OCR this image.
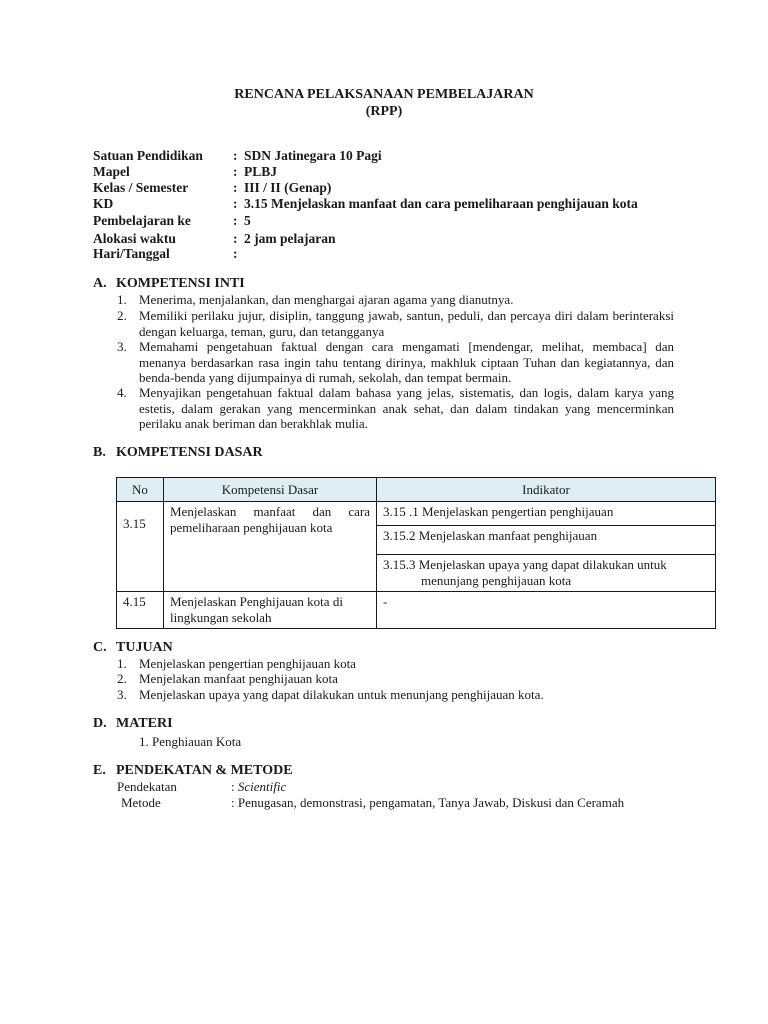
RENCANA PELAKSANAAN PEMBELAJARAN
(RPP)
Satuan Pendidikan : SDN Jatinegara 10 Pagi
Mapel	: PLBJ
Kelas / Semester	: III / II (Genap)
KD	: 3.15 Menjelaskan manfaat dan cara pemeliharaan penghijauan kota
Pembelajaran ke	: 5
Alokasi waktu	: 2 jam pelajaran
Hari/Tanggal	:
A. KOMPETENSI INTI
1. Menerima, menjalankan, dan menghargai ajaran agama yang dianutnya.
2. Memiliki perilaku jujur, disiplin, tanggung jawab, santun, peduli, dan percaya diri dalam berinteraksi dengan keluarga, teman, guru, dan tetangganya
3. Memahami pengetahuan faktual dengan cara mengamati [mendengar, melihat, membaca] dan menanya berdasarkan rasa ingin tahu tentang dirinya, makhluk ciptaan Tuhan dan kegiatannya, dan benda-benda yang dijumpainya di rumah, sekolah, dan tempat bermain.
4. Menyajikan pengetahuan faktual dalam bahasa yang jelas, sistematis, dan logis, dalam karya yang estetis, dalam gerakan yang mencerminkan anak sehat, dan dalam tindakan yang mencerminkan perilaku anak beriman dan berakhlak mulia.
B. KOMPETENSI DASAR
No	Kompetensi Dasar	Indikator
3.15	Menjelaskan manfaat dan cara pemeliharaan penghijauan kota	3.15 .1 Menjelaskan pengertian penghijauan
		3.15.2 Menjelaskan manfaat penghijauan

		3.15.3 Menjelaskan upaya yang dapat dilakukan untuk
menunjang penghijauan kota

4.15	Menjelaskan Penghijauan kota di lingkungan sekolah	-
C. TUJUAN
1. Menjelaskan pengertian penghijauan kota
2. Menjelakan manfaat penghijauan kota
3. Menjelaskan upaya yang dapat dilakukan untuk menunjang penghijauan kota.
D. MATERI
1. Penghiauan Kota
E. PENDEKATAN & METODE
Pendekatan	: Scientific
Metode	: Penugasan, demonstrasi, pengamatan, Tanya Jawab, Diskusi dan Ceramah
